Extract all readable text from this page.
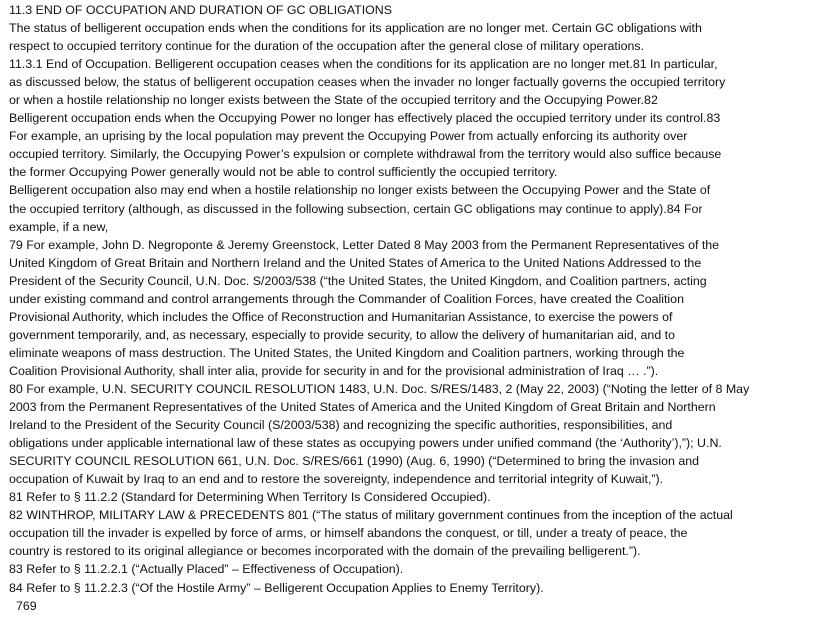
11.3 END OF OCCUPATION AND DURATION OF GC OBLIGATIONS
The status of belligerent occupation ends when the conditions for its application are no longer met. Certain GC obligations with
respect to occupied territory continue for the duration of the occupation after the general close of military operations.
11.3.1 End of Occupation. Belligerent occupation ceases when the conditions for its application are no longer met.81 In particular,
as discussed below, the status of belligerent occupation ceases when the invader no longer factually governs the occupied territory
or when a hostile relationship no longer exists between the State of the occupied territory and the Occupying Power.82
Belligerent occupation ends when the Occupying Power no longer has effectively placed the occupied territory under its control.83
For example, an uprising by the local population may prevent the Occupying Power from actually enforcing its authority over
occupied territory. Similarly, the Occupying Power’s expulsion or complete withdrawal from the territory would also suffice because
the former Occupying Power generally would not be able to control sufficiently the occupied territory.
Belligerent occupation also may end when a hostile relationship no longer exists between the Occupying Power and the State of
the occupied territory (although, as discussed in the following subsection, certain GC obligations may continue to apply).84 For
example, if a new,
79 For example, John D. Negroponte & Jeremy Greenstock, Letter Dated 8 May 2003 from the Permanent Representatives of the
United Kingdom of Great Britain and Northern Ireland and the United States of America to the United Nations Addressed to the
President of the Security Council, U.N. Doc. S/2003/538 (“the United States, the United Kingdom, and Coalition partners, acting
under existing command and control arrangements through the Commander of Coalition Forces, have created the Coalition
Provisional Authority, which includes the Office of Reconstruction and Humanitarian Assistance, to exercise the powers of
government temporarily, and, as necessary, especially to provide security, to allow the delivery of humanitarian aid, and to
eliminate weapons of mass destruction. The United States, the United Kingdom and Coalition partners, working through the
Coalition Provisional Authority, shall inter alia, provide for security in and for the provisional administration of Iraq … .”).
80 For example, U.N. SECURITY COUNCIL RESOLUTION 1483, U.N. Doc. S/RES/1483, 2 (May 22, 2003) (“Noting the letter of 8 May
2003 from the Permanent Representatives of the United States of America and the United Kingdom of Great Britain and Northern
Ireland to the President of the Security Council (S/2003/538) and recognizing the specific authorities, responsibilities, and
obligations under applicable international law of these states as occupying powers under unified command (the ‘Authority’),”); U.N.
SECURITY COUNCIL RESOLUTION 661, U.N. Doc. S/RES/661 (1990) (Aug. 6, 1990) (“Determined to bring the invasion and
occupation of Kuwait by Iraq to an end and to restore the sovereignty, independence and territorial integrity of Kuwait,”).
81 Refer to § 11.2.2 (Standard for Determining When Territory Is Considered Occupied).
82 WINTHROP, MILITARY LAW & PRECEDENTS 801 (“The status of military government continues from the inception of the actual
occupation till the invader is expelled by force of arms, or himself abandons the conquest, or till, under a treaty of peace, the
country is restored to its original allegiance or becomes incorporated with the domain of the prevailing belligerent.”).
83 Refer to § 11.2.2.1 (“Actually Placed” – Effectiveness of Occupation).
84 Refer to § 11.2.2.3 (“Of the Hostile Army” – Belligerent Occupation Applies to Enemy Territory).
769
